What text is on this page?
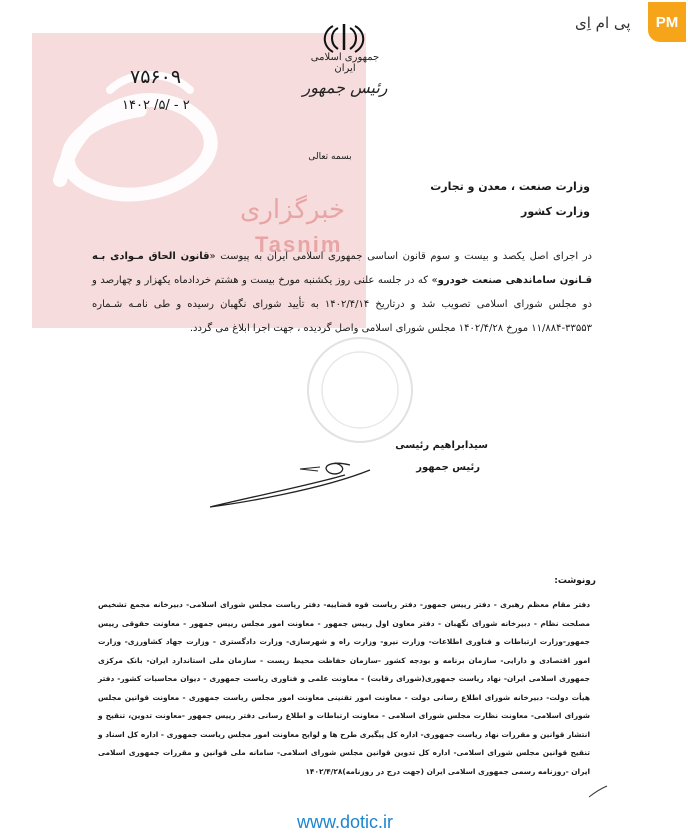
خبرگزاری
Tasnim
PM
پی ام اِی
جمهوری اسلامی ایران
رئیس جمهور
۷۵۶۰۹
۱۴۰۲ /۵/ - ۲
بسمه تعالی
وزارت صنعت ، معدن و تجارت
وزارت کشور
در اجرای اصل یکصد و بیست و سوم قانون اساسی جمهوری اسلامی ایران به پیوست «قانون الحاق مـوادی بـه قـانون ساماندهی صنعت خودرو» که در جلسه علنی روز یکشنبه مورخ بیست و هشتم خردادماه یکهزار و چهارصد و دو مجلس شورای اسلامی تصویب شد و درتاریخ ۱۴۰۲/۴/۱۴ به تأیید شورای نگهبان رسیده و طی نامـه شـماره ۳۳۵۵۳-۱۱/۸۸۴ مورخ ۱۴۰۲/۴/۲۸ مجلس شورای اسلامی واصل گردیده ، جهت اجرا ابلاغ می گردد.
سیدابراهیم رئیسی
رئیس جمهور
رونوشت:
دفتر مقام معظم رهبری - دفتر رییس جمهور- دفتر ریاست قوه قضاییه- دفتر ریاست مجلس شورای اسلامی- دبیرخانه مجمع تشخیص مصلحت نظام - دبیرخانه شورای نگهبان - دفتر معاون اول رییس جمهور - معاونت امور مجلس رییس جمهور - معاونت حقوقی رییس جمهور-وزارت ارتباطات و فناوری اطلاعات- وزارت نیرو- وزارت راه و شهرسازی- وزارت دادگستری - وزارت جهاد کشاورزی- وزارت امور اقتصادی و دارایی- سازمان برنامه و بودجه کشور -سازمان حفاظت محیط زیست - سازمان ملی استاندارد ایران- بانک مرکزی جمهوری اسلامی ایران- نهاد ریاست جمهوری(شورای رقابت) - معاونت علمی و فناوری ریاست جمهوری - دیوان محاسبات کشور- دفتر هیأت دولت- دبیرخانه شورای اطلاع رسانی دولت - معاونت امور تقنینی معاونت امور مجلس ریاست جمهوری - معاونت قوانین مجلس شورای اسلامی- معاونت نظارت مجلس شورای اسلامی - معاونت ارتباطات و اطلاع رسانی دفتر رییس جمهور -معاونت تدوین، تنقیح و انتشار قوانین و مقررات نهاد ریاست جمهوری- اداره کل پیگیری طرح ها و لوایح معاونت امور مجلس ریاست جمهوری - اداره کل اسناد و تنقیح قوانین مجلس شورای اسلامی- اداره کل تدوین قوانین مجلس شورای اسلامی- سامانه ملی قوانین و مقررات جمهوری اسلامی ایران -روزنامه رسمی جمهوری اسلامی ایران (جهت درج در روزنامه)۱۴۰۲/۴/۲۸
www.dotic.ir
